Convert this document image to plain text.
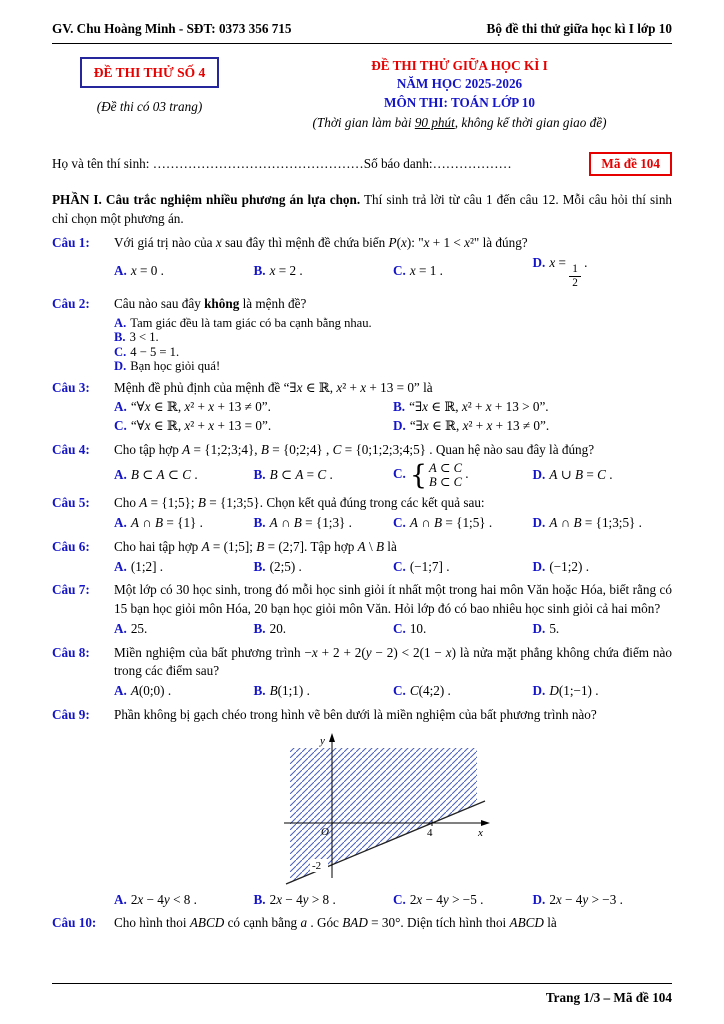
GV. Chu Hoàng Minh - SĐT: 0373 356 715	Bộ đề thi thử giữa học kì I lớp 10
ĐỀ THI THỬ SỐ 4
(Đề thi có 03 trang)
ĐỀ THI THỬ GIỮA HỌC KÌ I
NĂM HỌC 2025-2026
MÔN THI: TOÁN LỚP 10
(Thời gian làm bài 90 phút, không kể thời gian giao đề)
Họ và tên thí sinh: …………………………………………Số báo danh:………………	Mã đề 104
PHẦN I. Câu trắc nghiệm nhiều phương án lựa chọn. Thí sinh trả lời từ câu 1 đến câu 12. Mỗi câu hỏi thí sinh chỉ chọn một phương án.
Câu 1:	Với giá trị nào của x sau đây thì mệnh đề chứa biến P(x): "x + 1 < x²" là đúng?
A. x = 0 .	B. x = 2 .	C. x = 1 .
D. x =
$\frac{1}{2}$
.
Câu 2:	Câu nào sau đây không là mệnh đề?
A. Tam giác đều là tam giác có ba cạnh bằng nhau.
B. 3 < 1.
C. 4 − 5 = 1.
D. Bạn học giỏi quá!
Câu 3:	Mệnh đề phủ định của mệnh đề “∃x ∈ ℝ, x² + x + 13 = 0” là
A. “∀x ∈ ℝ, x² + x + 13 ≠ 0”.	B. “∃x ∈ ℝ, x² + x + 13 > 0”.
C. “∀x ∈ ℝ, x² + x + 13 = 0”.	D. “∃x ∈ ℝ, x² + x + 13 ≠ 0”.
Câu 4:	Cho tập hợp A = {1;2;3;4}, B = {0;2;4} , C = {0;1;2;3;4;5} . Quan hệ nào sau đây là đúng?
A. B ⊂ A ⊂ C .	B. B ⊂ A = C .	C. { A ⊂ C
B ⊂ C
.	D. A ∪ B = C .
Câu 5:	Cho A = {1;5}; B = {1;3;5}. Chọn kết quả đúng trong các kết quả sau:
A. A ∩ B = {1} .	B. A ∩ B = {1;3} .	C. A ∩ B = {1;5} .	D. A ∩ B = {1;3;5} .
Câu 6:	Cho hai tập hợp A = (1;5]; B = (2;7]. Tập hợp A \ B là
A. (1;2] .	B. (2;5) .	C. (−1;7] .	D. (−1;2) .
Câu 7:	Một lớp có 30 học sinh, trong đó mỗi học sinh giỏi ít nhất một trong hai môn Văn hoặc Hóa, biết rằng có 15 bạn học giỏi môn Hóa, 20 bạn học giỏi môn Văn. Hỏi lớp đó có bao nhiêu học sinh giỏi cả hai môn?
A. 25.	B. 20.	C. 10.	D. 5.
Câu 8:	Miền nghiệm của bất phương trình −x + 2 + 2(y − 2) < 2(1 − x) là nửa mặt phẳng không chứa điểm nào trong các điểm sau?
A. A(0;0) .	B. B(1;1) .	C. C(4;2) .	D. D(1;−1) .
Câu 9:	Phần không bị gạch chéo trong hình vẽ bên dưới là miền nghiệm của bất phương trình nào?
y
x
O	4
-2
A. 2x − 4y < 8 .	B. 2x − 4y > 8 .	C. 2x − 4y > −5 .	D. 2x − 4y > −3 .
Câu 10:	Cho hình thoi ABCD có cạnh bằng a . Góc BAD = 30°. Diện tích hình thoi ABCD là
Trang 1/3 – Mã đề 104
